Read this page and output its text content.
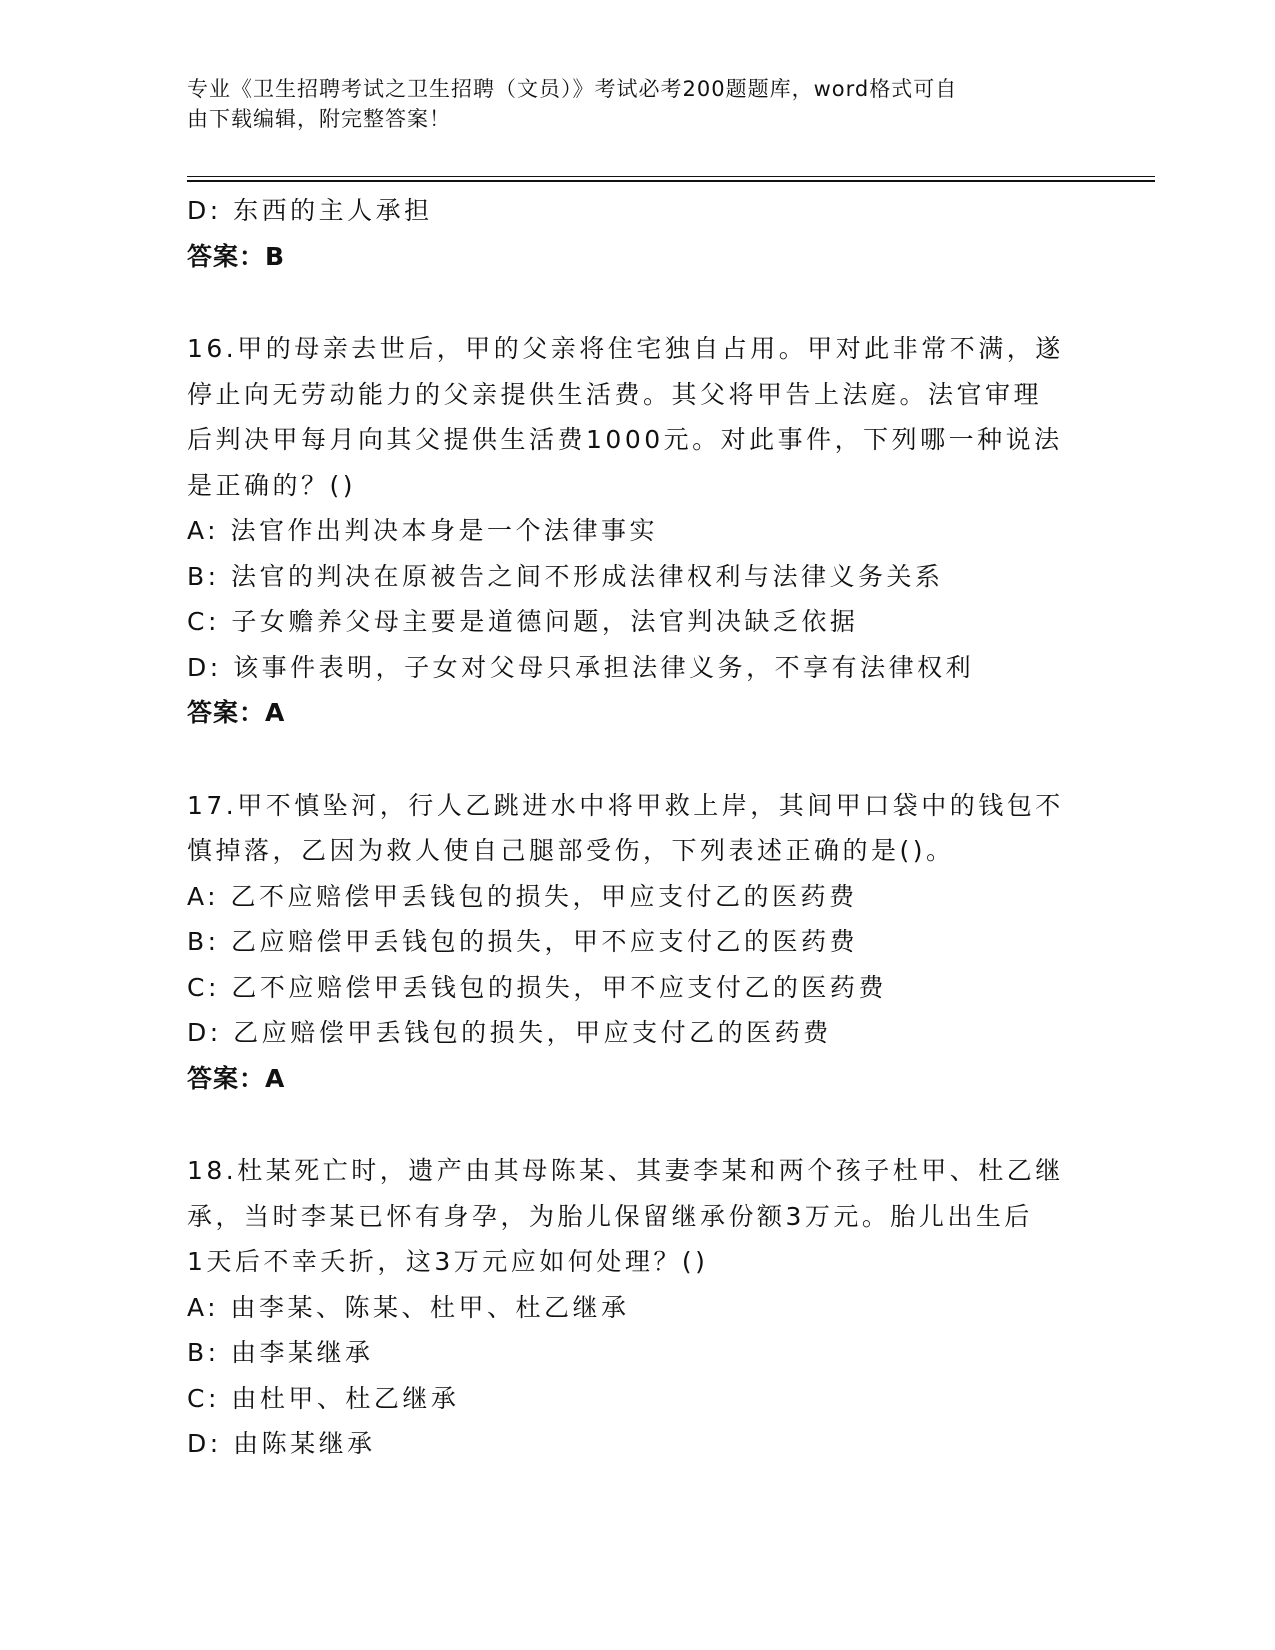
专业《卫生招聘考试之卫生招聘（文员）》考试必考200题题库，word格式可自
由下载编辑，附完整答案！
D: 东西的主人承担
答案：B
16.甲的母亲去世后，甲的父亲将住宅独自占用。甲对此非常不满，遂
停止向无劳动能力的父亲提供生活费。其父将甲告上法庭。法官审理
后判决甲每月向其父提供生活费1000元。对此事件，下列哪一种说法
是正确的？()
A: 法官作出判决本身是一个法律事实
B: 法官的判决在原被告之间不形成法律权利与法律义务关系
C: 子女赡养父母主要是道德问题，法官判决缺乏依据
D: 该事件表明，子女对父母只承担法律义务，不享有法律权利
答案：A
17.甲不慎坠河，行人乙跳进水中将甲救上岸，其间甲口袋中的钱包不
慎掉落，乙因为救人使自己腿部受伤，下列表述正确的是()。
A: 乙不应赔偿甲丢钱包的损失，甲应支付乙的医药费
B: 乙应赔偿甲丢钱包的损失，甲不应支付乙的医药费
C: 乙不应赔偿甲丢钱包的损失，甲不应支付乙的医药费
D: 乙应赔偿甲丢钱包的损失，甲应支付乙的医药费
答案：A
18.杜某死亡时，遗产由其母陈某、其妻李某和两个孩子杜甲、杜乙继
承，当时李某已怀有身孕，为胎儿保留继承份额3万元。胎儿出生后
1天后不幸夭折，这3万元应如何处理？()
A: 由李某、陈某、杜甲、杜乙继承
B: 由李某继承
C: 由杜甲、杜乙继承
D: 由陈某继承
